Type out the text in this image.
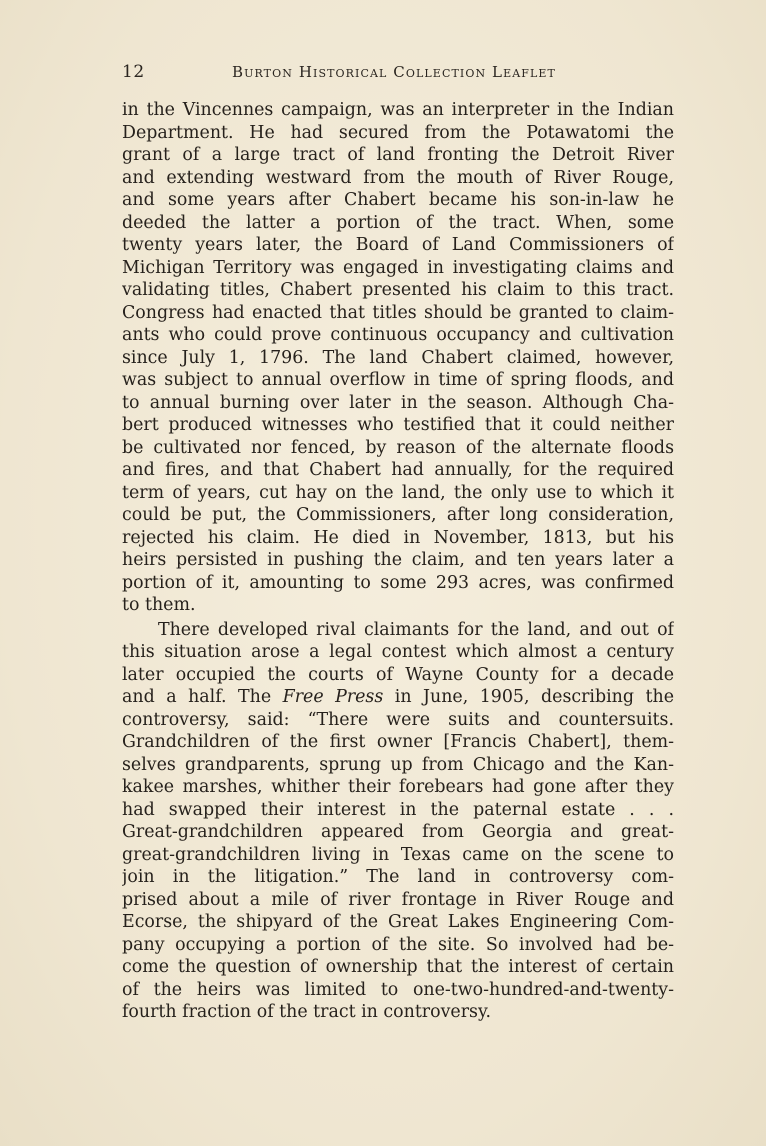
12	Burton Historical Collection Leaflet

in the Vincennes campaign, was an interpreter in the Indian
Department. He had secured from the Potawatomi the
grant of a large tract of land fronting the Detroit River
and extending westward from the mouth of River Rouge,
and some years after Chabert became his son-in-law he
deeded the latter a portion of the tract. When, some
twenty years later, the Board of Land Commissioners of
Michigan Territory was engaged in investigating claims and
validating titles, Chabert presented his claim to this tract.
Congress had enacted that titles should be granted to claim-
ants who could prove continuous occupancy and cultivation
since July 1, 1796. The land Chabert claimed, however,
was subject to annual overflow in time of spring floods, and
to annual burning over later in the season. Although Cha-
bert produced witnesses who testified that it could neither
be cultivated nor fenced, by reason of the alternate floods
and fires, and that Chabert had annually, for the required
term of years, cut hay on the land, the only use to which it
could be put, the Commissioners, after long consideration,
rejected his claim. He died in November, 1813, but his
heirs persisted in pushing the claim, and ten years later a
portion of it, amounting to some 293 acres, was confirmed
to them.

There developed rival claimants for the land, and out of
this situation arose a legal contest which almost a century
later occupied the courts of Wayne County for a decade
and a half. The Free Press in June, 1905, describing the
controversy, said: “There were suits and countersuits.
Grandchildren of the first owner [Francis Chabert], them-
selves grandparents, sprung up from Chicago and the Kan-
kakee marshes, whither their forebears had gone after they
had swapped their interest in the paternal estate . . .
Great-grandchildren appeared from Georgia and great-
great-grandchildren living in Texas came on the scene to
join in the litigation.” The land in controversy com-
prised about a mile of river frontage in River Rouge and
Ecorse, the shipyard of the Great Lakes Engineering Com-
pany occupying a portion of the site. So involved had be-
come the question of ownership that the interest of certain
of the heirs was limited to one-two-hundred-and-twenty-
fourth fraction of the tract in controversy.
